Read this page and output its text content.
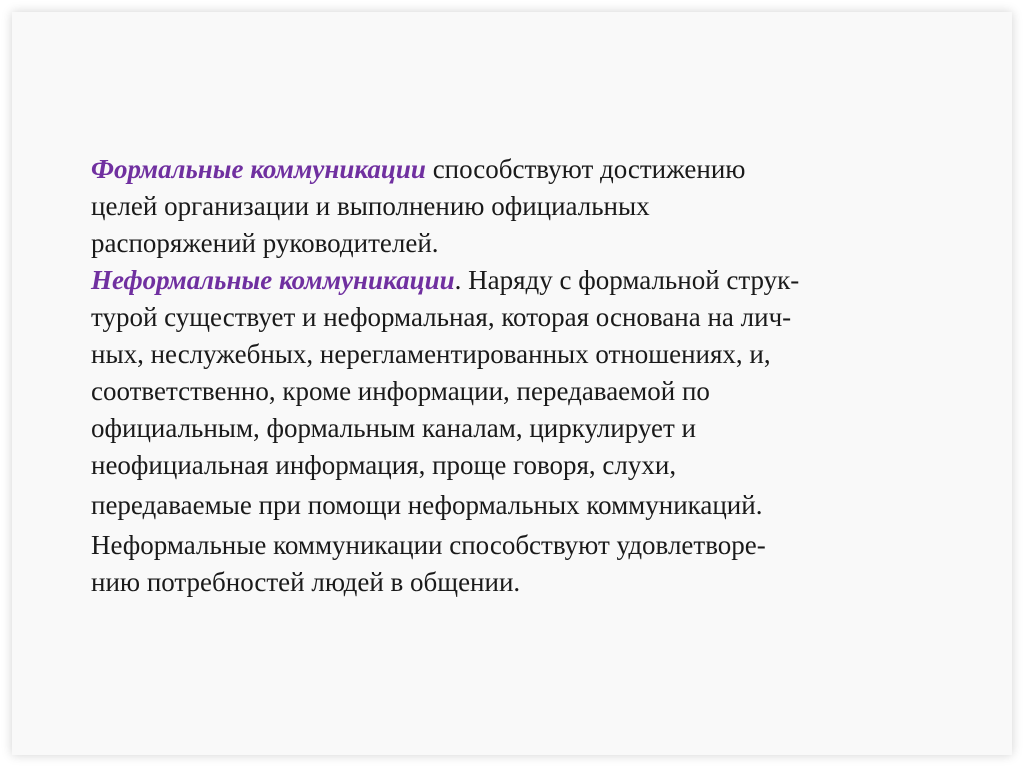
Формальные коммуникации способствуют достижению
целей организации и выполнению официальных
распоряжений руководителей.
Неформальные коммуникации. Наряду с формальной струк-
турой существует и неформальная, которая основана на лич-
ных, неслужебных, нерегламентированных отношениях, и,
соответственно, кроме информации, передаваемой по
официальным, формальным каналам, циркулирует и
неофициальная информация, проще говоря, слухи,
передаваемые при помощи неформальных коммуникаций.
Неформальные коммуникации способствуют удовлетворе-
нию потребностей людей в общении.
